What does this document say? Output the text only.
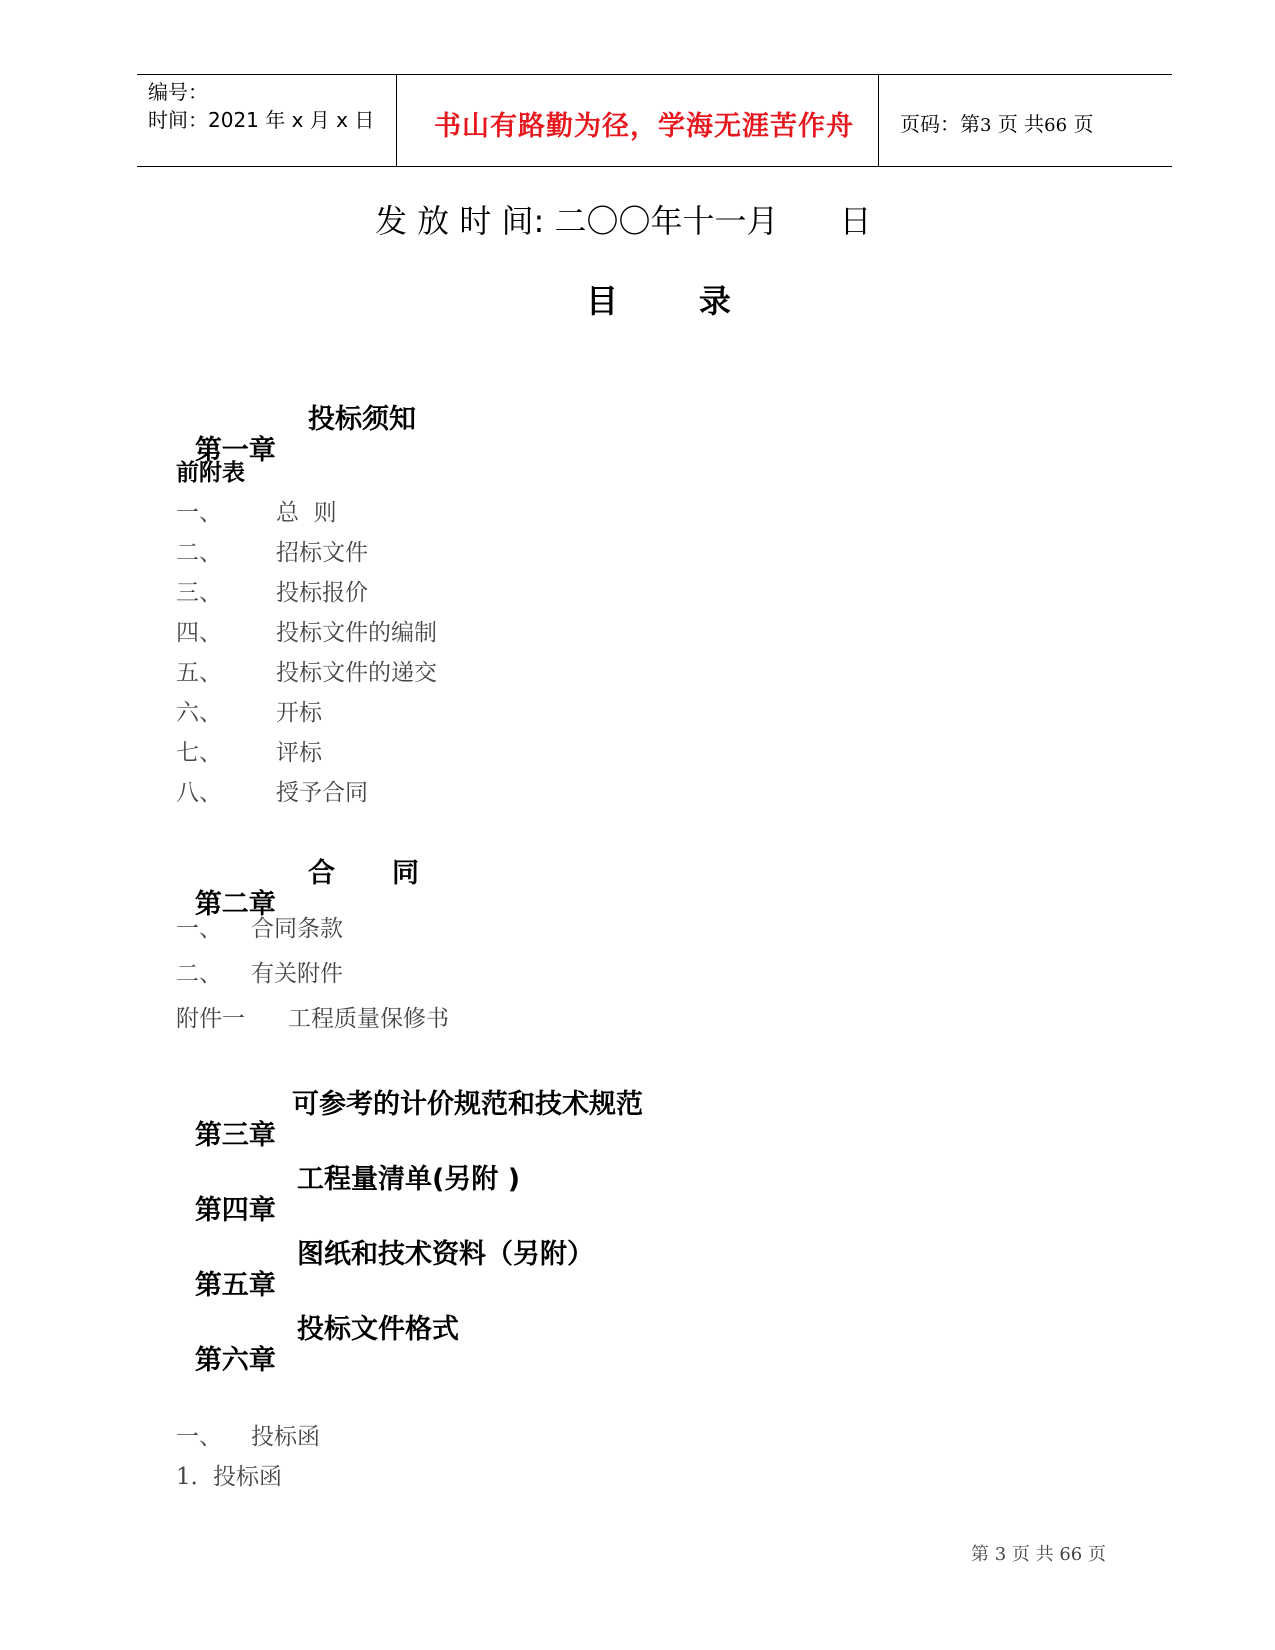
编号：
时间：2021 年 x 月 x 日	书山有路勤为径，学海无涯苦作舟	页码：第3 页 共66 页
发 放 时 间: 二〇〇年十一月      日
目      录

第一章

投标须知

前附表
一、 总  则
二、 招标文件
三、 投标报价
四、 投标文件的编制
五、 投标文件的递交
六、 开标
七、 评标
八、 授予合同

第二章

合

同

一、 合同条款
二、 有关附件
附件一 工程质量保修书

第三章

可参考的计价规范和技术规范

第四章

工程量清单(另附 )

第五章

图纸和技术资料（另附）

第六章

投标文件格式

一、 投标函
1． 投标函
第 3 页 共 66 页
